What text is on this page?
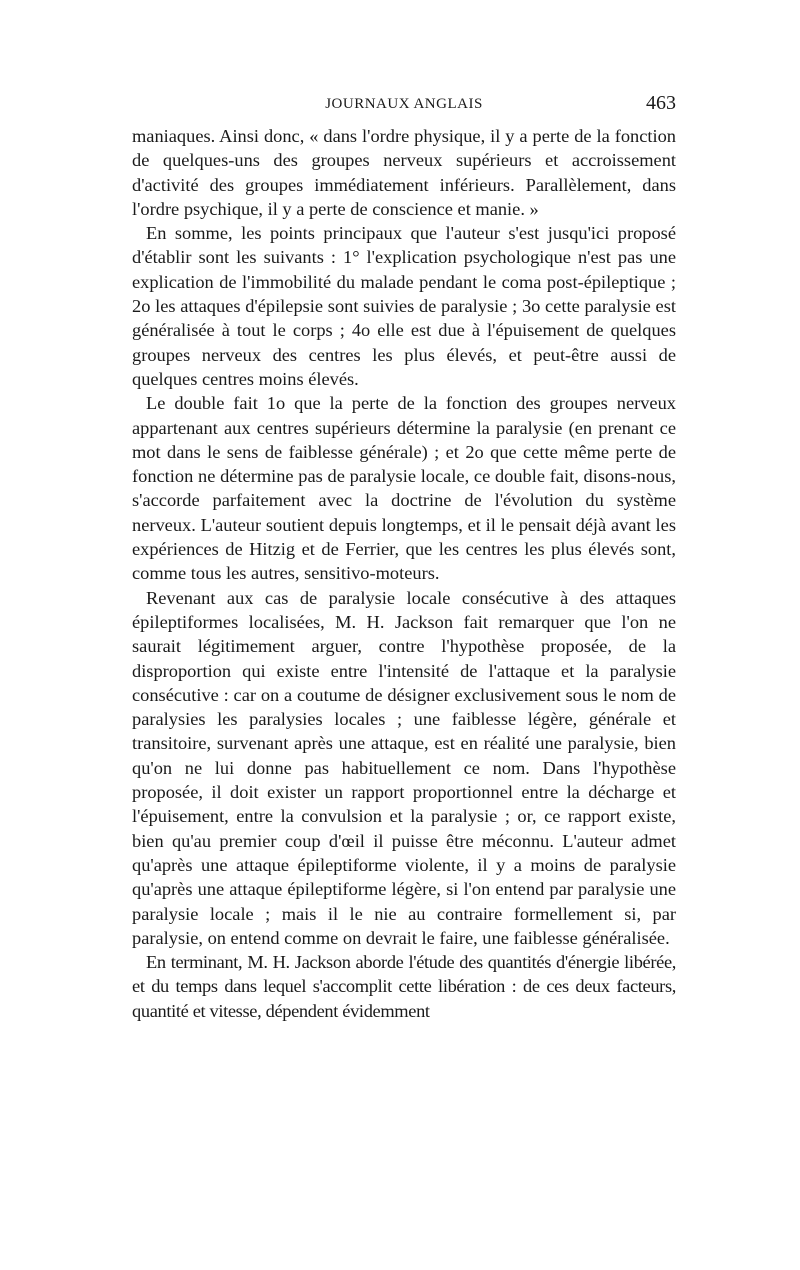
JOURNAUX ANGLAIS	463

maniaques. Ainsi donc, « dans l'ordre physique, il y a perte de la fonction de quelques-uns des groupes nerveux supérieurs et accroissement d'activité des groupes immédiatement inférieurs. Parallèlement, dans l'ordre psychique, il y a perte de conscience et manie. »

En somme, les points principaux que l'auteur s'est jusqu'ici proposé d'établir sont les suivants : 1° l'explication psychologique n'est pas une explication de l'immobilité du malade pendant le coma post-épileptique ; 2o les attaques d'épilepsie sont suivies de paralysie ; 3o cette paralysie est généralisée à tout le corps ; 4o elle est due à l'épuisement de quelques groupes nerveux des centres les plus élevés, et peut-être aussi de quelques centres moins élevés.

Le double fait 1o que la perte de la fonction des groupes nerveux appartenant aux centres supérieurs détermine la paralysie (en prenant ce mot dans le sens de faiblesse générale) ; et 2o que cette même perte de fonction ne détermine pas de paralysie locale, ce double fait, disons-nous, s'accorde parfaitement avec la doctrine de l'évolution du système nerveux. L'auteur soutient depuis longtemps, et il le pensait déjà avant les expériences de Hitzig et de Ferrier, que les centres les plus élevés sont, comme tous les autres, sensitivo-moteurs.

Revenant aux cas de paralysie locale consécutive à des attaques épileptiformes localisées, M. H. Jackson fait remarquer que l'on ne saurait légitimement arguer, contre l'hypothèse proposée, de la disproportion qui existe entre l'intensité de l'attaque et la paralysie consécutive : car on a coutume de désigner exclusivement sous le nom de paralysies les paralysies locales ; une faiblesse légère, générale et transitoire, survenant après une attaque, est en réalité une paralysie, bien qu'on ne lui donne pas habituellement ce nom. Dans l'hypothèse proposée, il doit exister un rapport proportionnel entre la décharge et l'épuisement, entre la convulsion et la paralysie ; or, ce rapport existe, bien qu'au premier coup d'œil il puisse être méconnu. L'auteur admet qu'après une attaque épileptiforme violente, il y a moins de paralysie qu'après une attaque épileptiforme légère, si l'on entend par paralysie une paralysie locale ; mais il le nie au contraire formellement si, par paralysie, on entend comme on devrait le faire, une faiblesse généralisée.

En terminant, M. H. Jackson aborde l'étude des quantités d'énergie libérée, et du temps dans lequel s'accomplit cette libération : de ces deux facteurs, quantité et vitesse, dépendent évidemment
